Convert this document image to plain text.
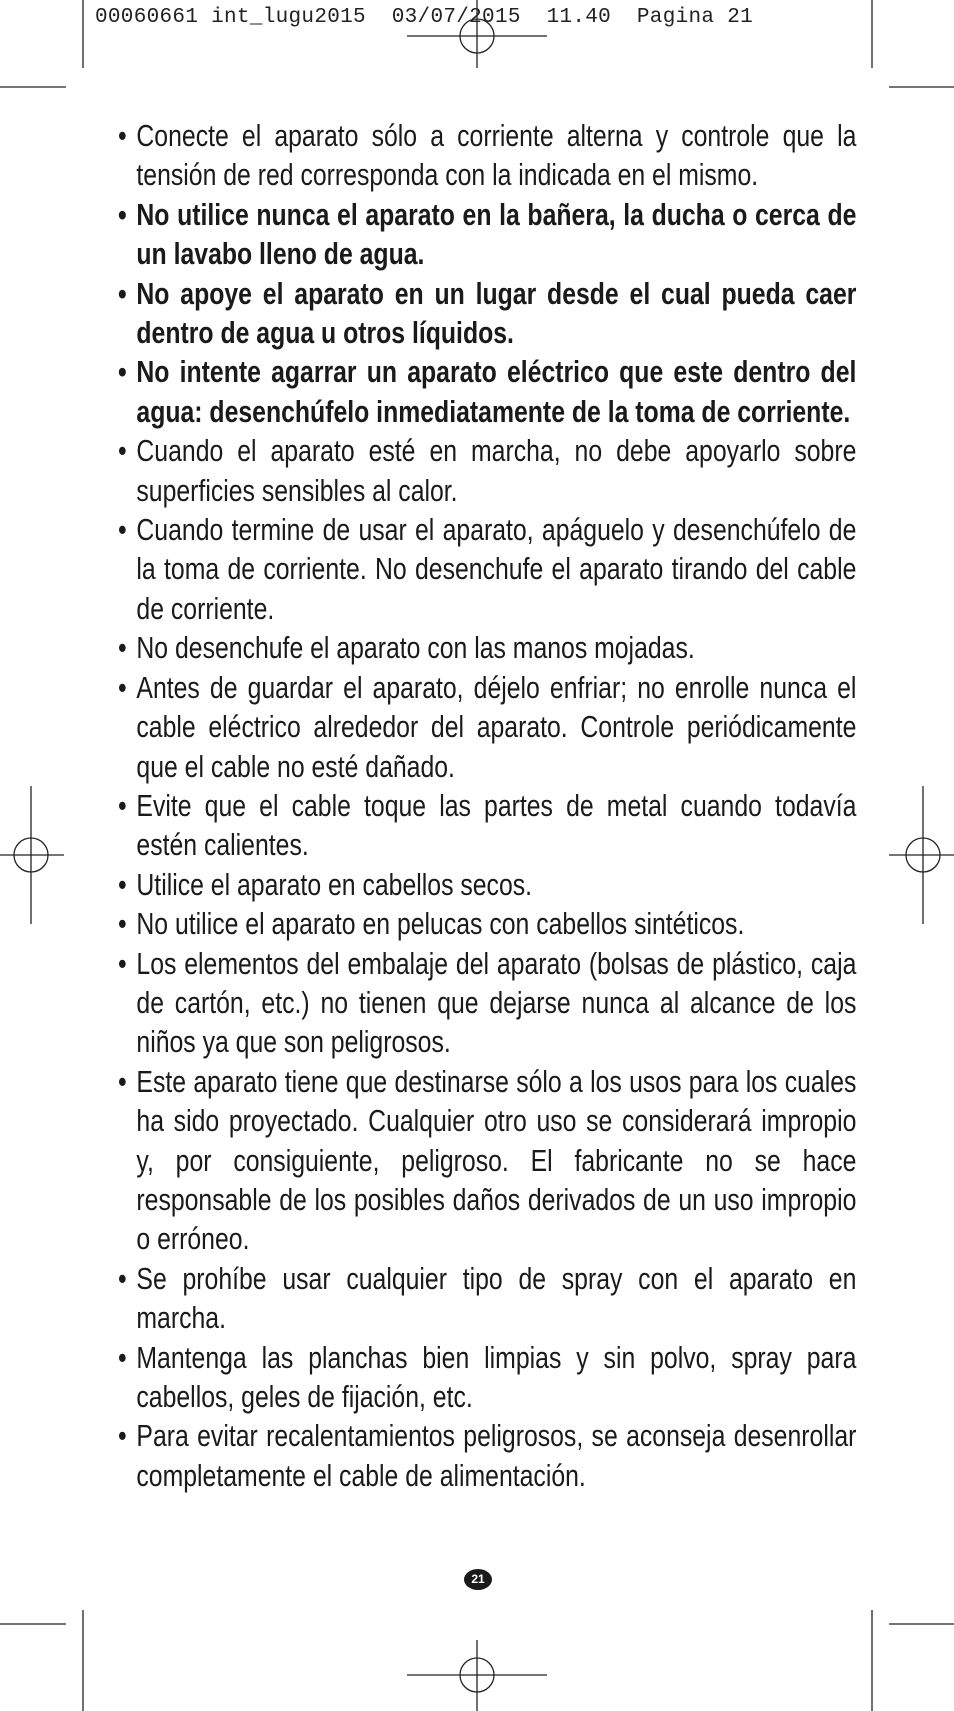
00060661 int_lugu2015  03/07/2015  11.40  Pagina 21
• Conecte el aparato sólo a corriente alterna y controle que la tensión de red corresponda con la indicada en el mismo.
• No utilice nunca el aparato en la bañera, la ducha o cerca de un lavabo lleno de agua.
• No apoye el aparato en un lugar desde el cual pueda caer dentro de agua u otros líquidos.
• No intente agarrar un aparato eléctrico que este dentro del agua: desenchúfelo inmediatamente de la toma de corriente.
• Cuando el aparato esté en marcha, no debe apoyarlo sobre superficies sensibles al calor.
• Cuando termine de usar el aparato, apáguelo y desenchúfelo de la toma de corriente. No desenchufe el aparato tirando del cable de corriente.
• No desenchufe el aparato con las manos mojadas.
• Antes de guardar el aparato, déjelo enfriar; no enrolle nunca el cable eléctrico alrededor del aparato. Controle periódicamente que el cable no esté dañado.
• Evite que el cable toque las partes de metal cuando todavía estén calientes.
• Utilice el aparato en cabellos secos.
• No utilice el aparato en pelucas con cabellos sintéticos.
• Los elementos del embalaje del aparato (bolsas de plástico, caja de cartón, etc.) no tienen que dejarse nunca al alcance de los niños ya que son peligrosos.
• Este aparato tiene que destinarse sólo a los usos para los cuales ha sido proyectado. Cualquier otro uso se considerará impropio y, por consiguiente, peligroso. El fabricante no se hace responsable de los posibles daños derivados de un uso impropio o erróneo.
• Se prohíbe usar cualquier tipo de spray con el aparato en marcha.
• Mantenga las planchas bien limpias y sin polvo, spray para cabellos, geles de fijación, etc.
• Para evitar recalentamientos peligrosos, se aconseja desenrollar completamente el cable de alimentación.
21
